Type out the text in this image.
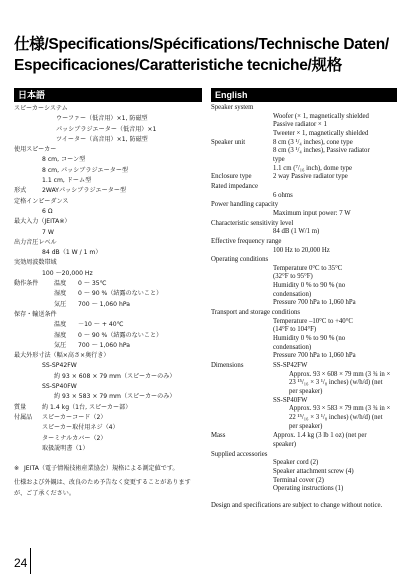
仕様/Specifications/Spécifications/Technische Daten/
Especificaciones/Caratteristiche tecniche/规格
日本語
スピーカーシステム
ウーファー（低音用）×1, 防磁型
パッシブラジエーター（低音用）×1
ツイーター（高音用）×1, 防磁型
使用スピーカー
8 cm, コーン型
8 cm, パッシブラジエーター型
1.1 cm, ドーム型
形式	2WAYパッシブラジエーター型
定格インピーダンス
6 Ω
最大入力（JEITA※）
7 W
出力音圧レベル
84 dB（1 W / 1 m）
実効周波数帯域
100 〜20,000 Hz
動作条件	温度 0 〜 35℃
湿度 0 〜 90 %（結露のないこと）
気圧 700 〜 1,060 hPa
保存・輸送条件
温度 －10 〜 + 40℃
湿度 0 〜 90 %（結露のないこと）
気圧 700 〜 1,060 hPa
最大外形寸法（幅×高さ×奥行き）
SS-SP42FW
約 93 × 608 × 79 mm（スピーカーのみ）
SS-SP40FW
約 93 × 583 × 79 mm（スピーカーのみ）
質量	約 1.4 kg（1台, スピーカー部）
付属品 スピーカーコード（2）
スピーカー取付用ネジ（4）
ターミナルカバー（2）
取扱説明書（1）
※ JEITA（電子情報技術産業協会）規格による測定値です。
仕様および外観は、改良のため予告なく変更することがありますが、ご了承ください。
English
Speaker system
Woofer (× 1, magnetically shielded
Passive radiator × 1
Tweeter × 1, magnetically shielded
Speaker unit	8 cm (3 ¹/₄ inches), cone type
8 cm (3 ¹/₄ inches), Passive radiator
type
1.1 cm (⁷/₁₆ inch), dome type
Enclosure type	2 way Passive radiator type
Rated impedance
6 ohms
Power handling capacity
Maximum input power: 7 W
Characteristic sensitivity level
84 dB (1 W/1 m)
Effective frequency range
100 Hz to 20,000 Hz
Operating conditions
Temperature 0°C to 35°C
(32°F to 95°F)
Humidity 0 % to 90 % (no
condensation)
Pressure 700 hPa to 1,060 hPa
Transport and storage conditions
Temperature –10°C to +40°C
(14°F to 104°F)
Humidity 0 % to 90 % (no
condensation)
Pressure 700 hPa to 1,060 hPa
Dimensions	SS-SP42FW
Approx. 93 × 608 × 79 mm (3 ¾ in ×
23 ¹⁵/₁₆ × 3 ¹/₈ inches) (w/h/d) (net
per speaker)
SS-SP40FW
Approx. 93 × 583 × 79 mm (3 ¾ in ×
22 ¹⁵/₁₆ × 3 ¹/₈ inches) (w/h/d) (net
per speaker)
Mass	Approx. 1.4 kg (3 lb 1 oz) (net per
speaker)
Supplied accessories
Speaker cord (2)
Speaker attachment screw (4)
Terminal cover (2)
Operating instructions (1)
Design and specifications are subject to change without notice.
24
